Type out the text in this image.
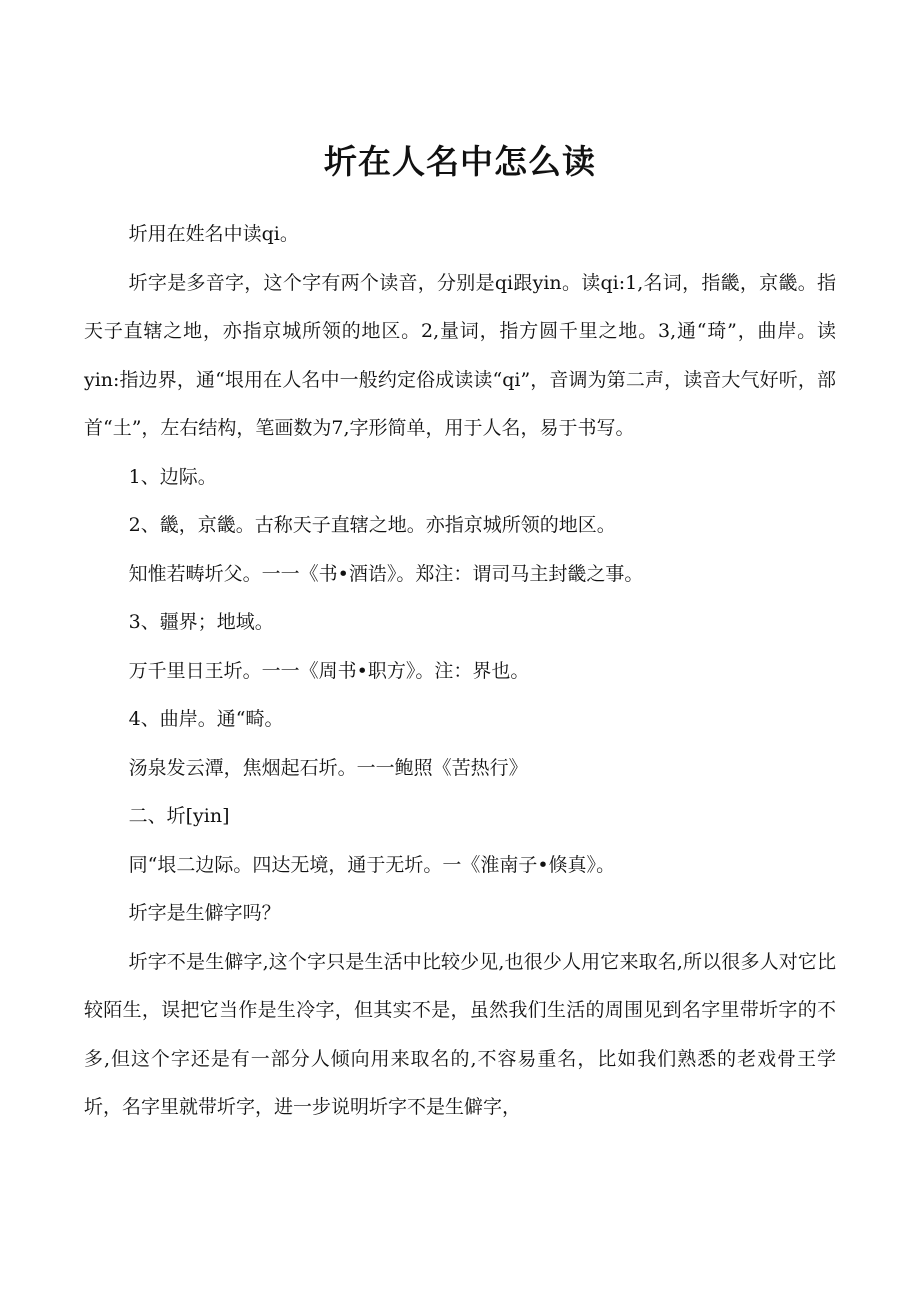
圻在人名中怎么读

圻用在姓名中读qi。

圻字是多音字，这个字有两个读音，分别是qi跟yin。读qi:1,名词，指畿，京畿。指天子直辖之地，亦指京城所领的地区。2,量词，指方圆千里之地。3,通“琦”，曲岸。读yin:指边界，通“垠用在人名中一般约定俗成读读“qi”，音调为第二声，读音大气好听，部首“土”，左右结构，笔画数为7,字形简单，用于人名，易于书写。

1、边际。

2、畿，京畿。古称天子直辖之地。亦指京城所领的地区。

知惟若畴圻父。一一《书•酒诰》。郑注：谓司马主封畿之事。

3、疆界；地域。

万千里日王圻。一一《周书•职方》。注：界也。

4、曲岸。通“畸。

汤泉发云潭，焦烟起石圻。一一鲍照《苦热行》

二、圻[yin]

同“垠二边际。四达无境，通于无圻。一《淮南子•倏真》。

圻字是生僻字吗？

圻字不是生僻字,这个字只是生活中比较少见,也很少人用它来取名,所以很多人对它比较陌生，误把它当作是生冷字，但其实不是，虽然我们生活的周围见到名字里带圻字的不多,但这个字还是有一部分人倾向用来取名的,不容易重名，比如我们熟悉的老戏骨王学圻，名字里就带圻字，进一步说明圻字不是生僻字，
